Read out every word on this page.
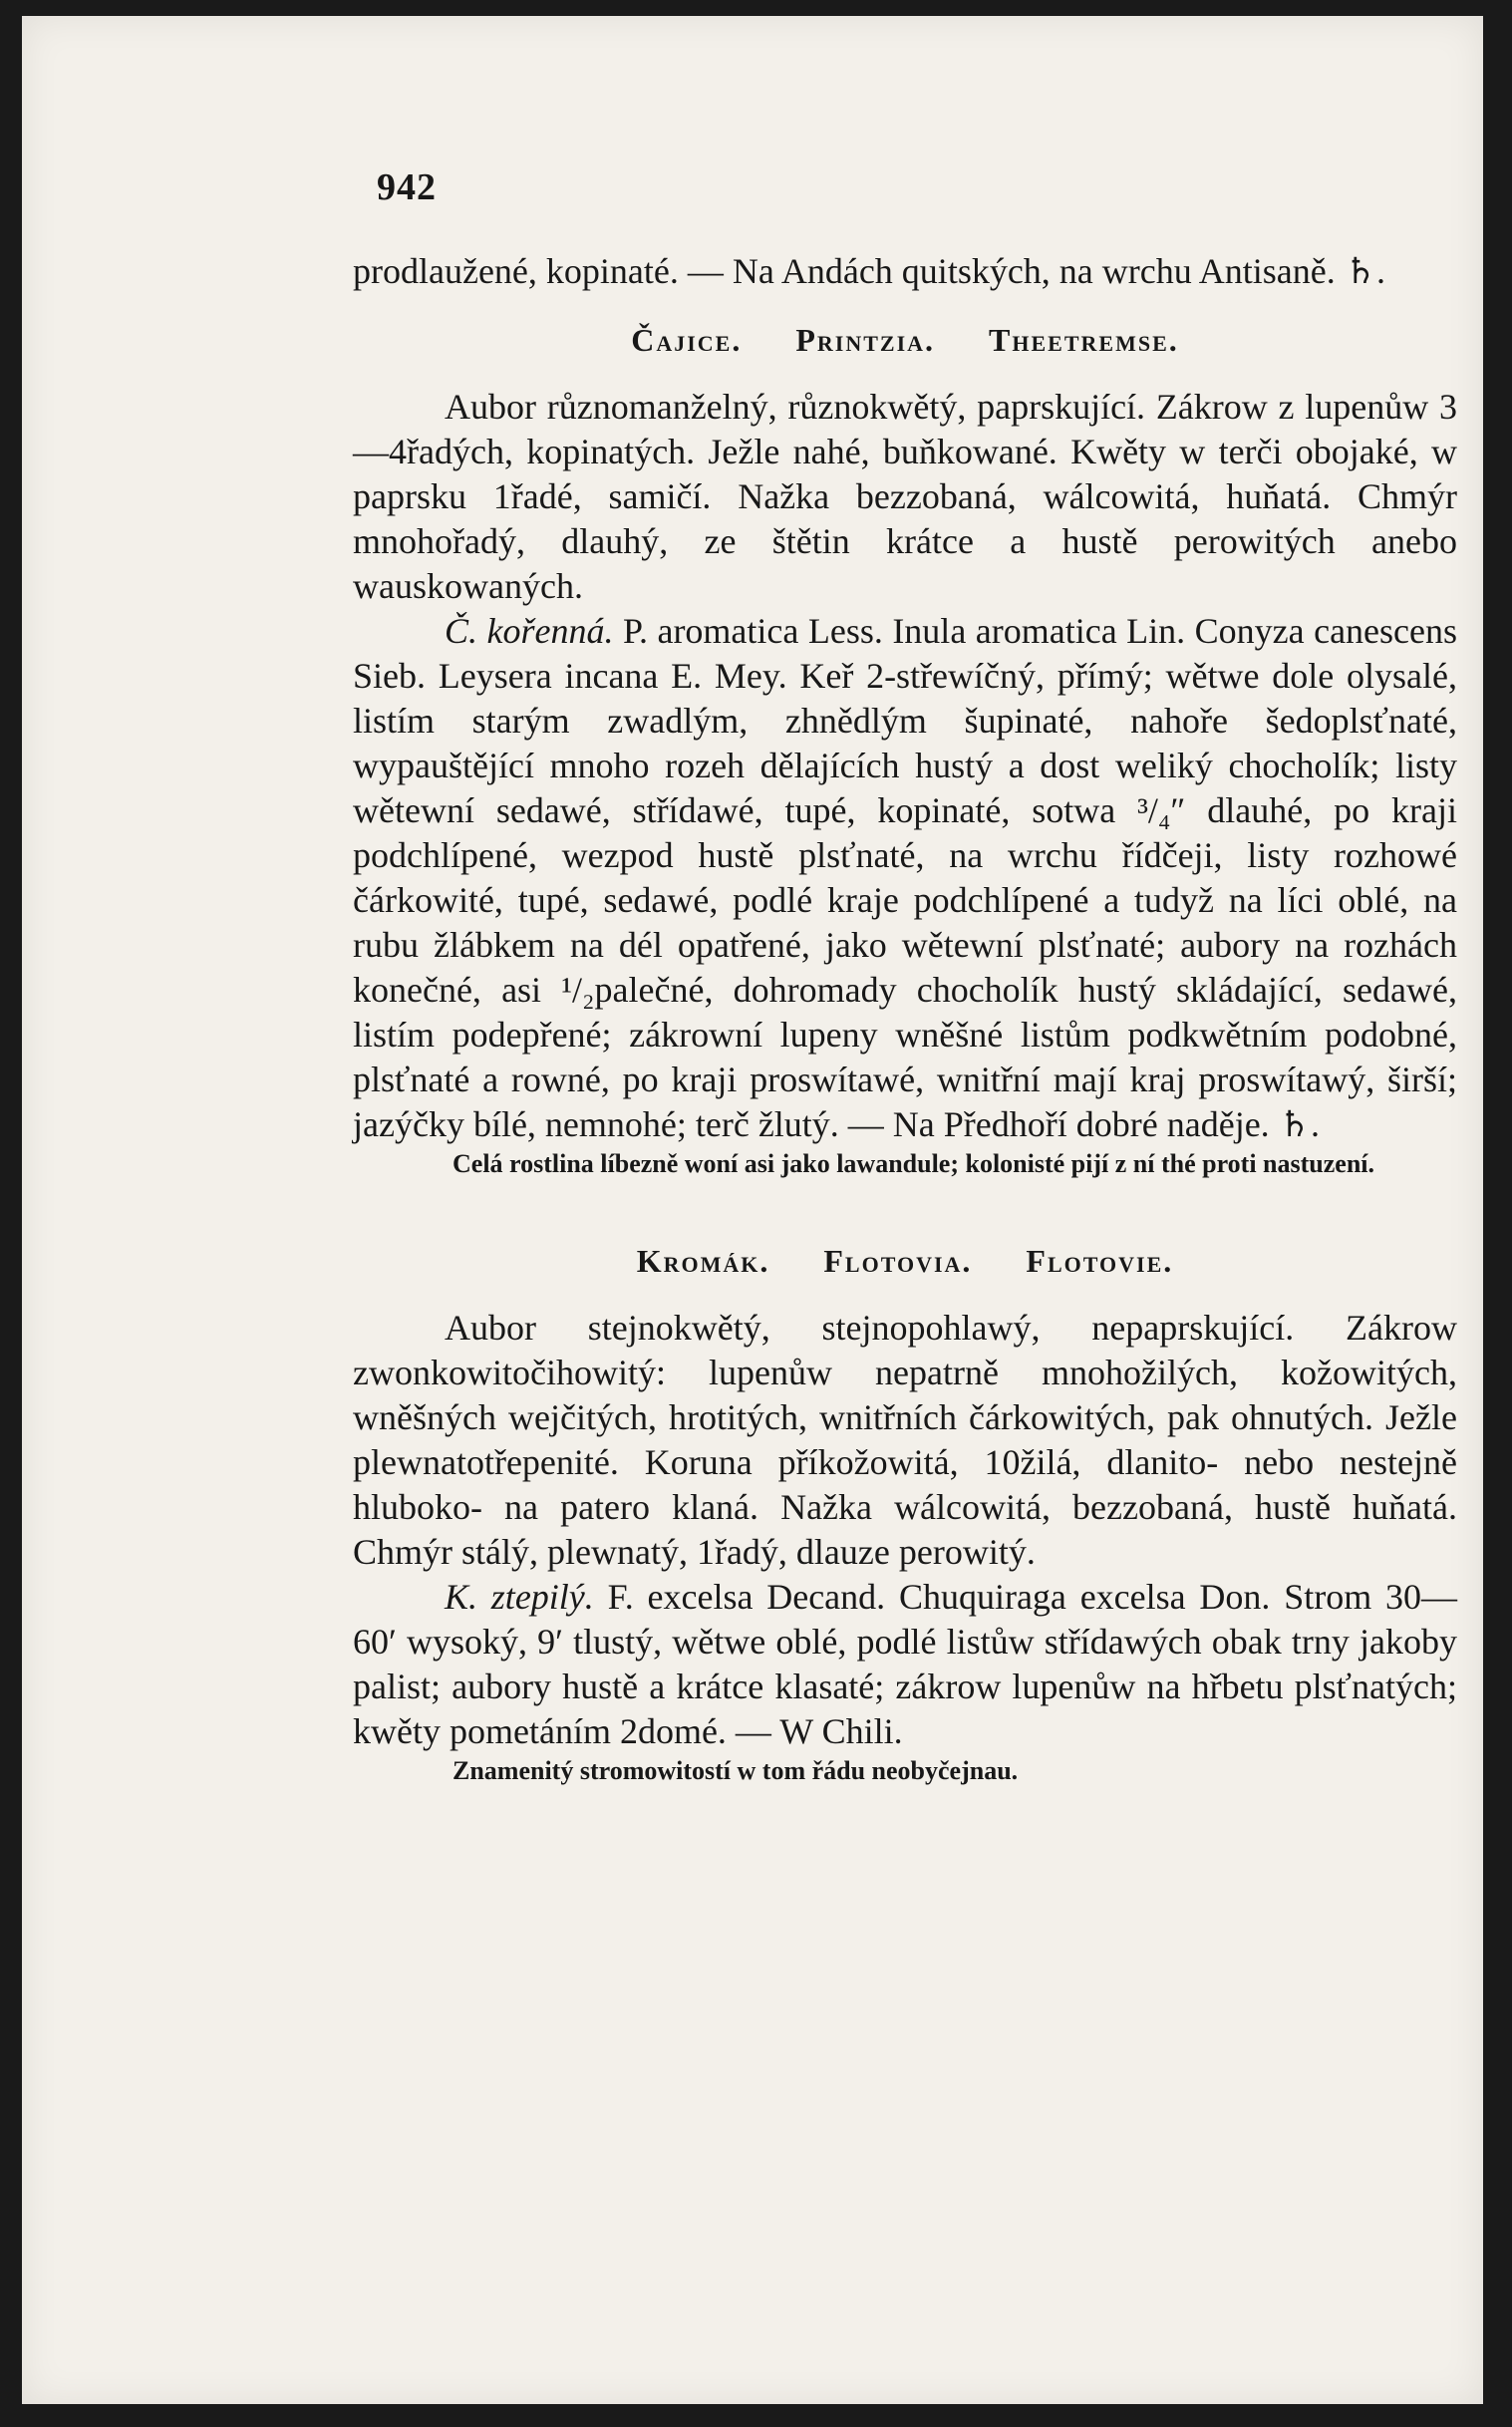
942

prodlaužené, kopinaté. — Na Andách quitských, na wrchu Antisaně. ♄.

Čajice. Printzia. Theetremse.

Aubor různomanželný, různokwětý, paprskující. Zákrow z lupenůw 3—4řadých, kopinatých. Ježle nahé, buňkowané. Kwěty w terči obojaké, w paprsku 1řadé, samičí. Nažka bezzobaná, wálcowitá, huňatá. Chmýr mnohořadý, dlauhý, ze štětin krátce a hustě perowitých anebo wauskowaných.

Č. kořenná. P. aromatica Less. Inula aromatica Lin. Conyza canescens Sieb. Leysera incana E. Mey. Keř 2-střewíčný, přímý; wětwe dole olysalé, listím starým zwadlým, zhnědlým šupinaté, nahoře šedoplsťnaté, wypauštějící mnoho rozeh dělajících hustý a dost weliký chocholík; listy wětewní sedawé, střídawé, tupé, kopinaté, sotwa ³/₄″ dlauhé, po kraji podchlípené, wezpod hustě plsťnaté, na wrchu řídčeji, listy rozhowé čárkowité, tupé, sedawé, podlé kraje podchlípené a tudyž na líci oblé, na rubu žlábkem na dél opatřené, jako wětewní plsťnaté; aubory na rozhách konečné, asi ¹/₂palečné, dohromady chocholík hustý skládající, sedawé, listím podepřené; zákrowní lupeny wněšné listům podkwětním podobné, plsťnaté a rowné, po kraji proswítawé, wnitřní mají kraj proswítawý, širší; jazýčky bílé, nemnohé; terč žlutý. — Na Předhoří dobré naděje. ♄.

Celá rostlina líbezně woní asi jako lawandule; kolonisté pijí z ní thé proti nastuzení.

Kromák. Flotovia. Flotovie.

Aubor stejnokwětý, stejnopohlawý, nepaprskující. Zákrow zwonkowitočihowitý: lupenůw nepatrně mnohožilých, kožowitých, wněšných wejčitých, hrotitých, wnitřních čárkowitých, pak ohnutých. Ježle plewnatotřepenité. Koruna příkožowitá, 10žilá, dlanito- nebo nestejně hluboko- na patero klaná. Nažka wálcowitá, bezzobaná, hustě huňatá. Chmýr stálý, plewnatý, 1řadý, dlauze perowitý.

K. ztepilý. F. excelsa Decand. Chuquiraga excelsa Don. Strom 30—60′ wysoký, 9′ tlustý, wětwe oblé, podlé listůw střídawých obak trny jakoby palist; aubory hustě a krátce klasaté; zákrow lupenůw na hřbetu plsťnatých; kwěty pometáním 2domé. — W Chili.

Znamenitý stromowitostí w tom řádu neobyčejnau.
